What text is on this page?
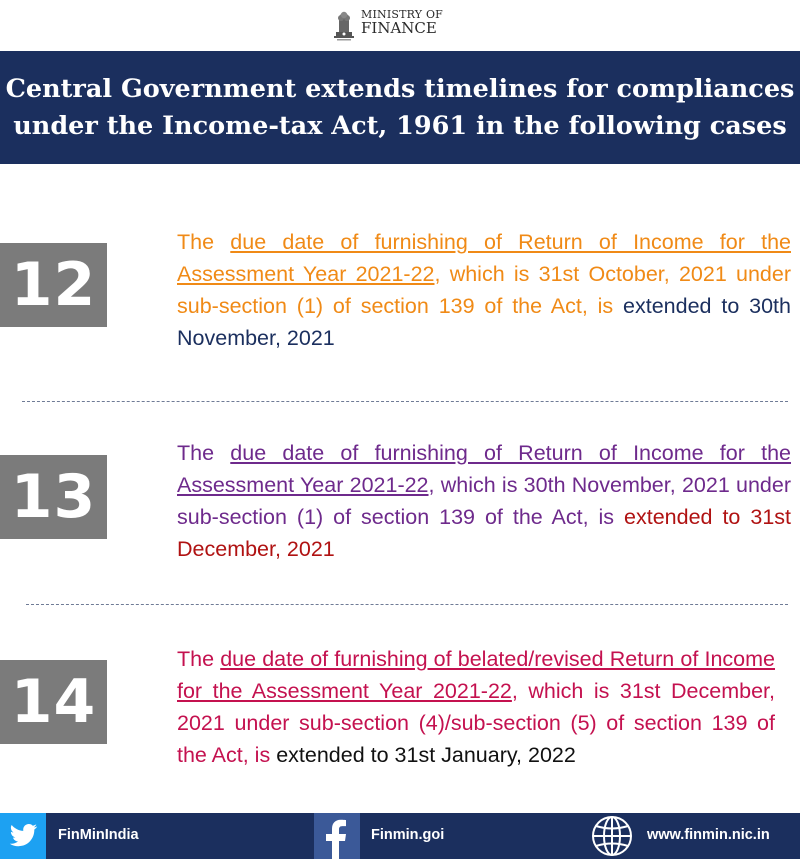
MINISTRY OF
FINANCE
Central Government extends timelines for compliances
under the Income-tax Act, 1961 in the following cases
12
The due date of furnishing of Return of Income for the Assessment Year 2021-22, which is 31st October, 2021 under sub-section (1) of section 139 of the Act, is extended to 30th November, 2021
13
The due date of furnishing of Return of Income for the Assessment Year 2021-22, which is 30th November, 2021 under sub-section (1) of section 139 of the Act, is extended to 31st December, 2021
14
The due date of furnishing of belated/revised Return of Income for the Assessment Year 2021-22, which is 31st December, 2021 under sub-section (4)/sub-section (5) of section 139 of the Act, is extended to 31st January, 2022
FinMinIndia	Finmin.goi	www.finmin.nic.in
